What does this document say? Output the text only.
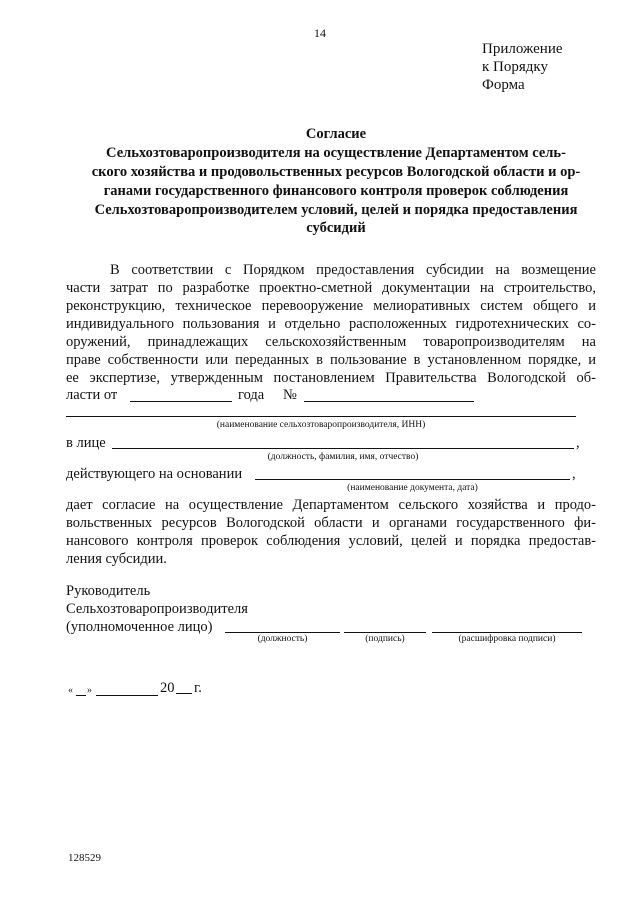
14
Приложение
к Порядку
Форма
Согласие
Сельхозтоваропроизводителя на осуществление Департаментом сель-
ского хозяйства и продовольственных ресурсов Вологодской области и ор-
ганами государственного финансового контроля проверок соблюдения
Сельхозтоваропроизводителем условий, целей и порядка предоставления
субсидий
В соответствии с Порядком предоставления субсидии на возмещение
части затрат по разработке проектно-сметной документации на строительство,
реконструкцию, техническое перевооружение мелиоративных систем общего и
индивидуального пользования и отдельно расположенных гидротехнических со-
оружений, принадлежащих сельскохозяйственным товаропроизводителям на
праве собственности или переданных в пользование в установленном порядке, и
ее экспертизе, утвержденным постановлением Правительства Вологодской об-
ласти от	года №
(наименование сельхозтоваропроизводителя, ИНН)
в лице	,
(должность, фамилия, имя, отчество)
действующего на основании	,
(наименование документа, дата)
дает согласие на осуществление Департаментом сельского хозяйства и продо-
вольственных ресурсов Вологодской области и органами государственного фи-
нансового контроля проверок соблюдения условий, целей и порядка предостав-
ления субсидии.
Руководитель
Сельхозтоваропроизводителя
(уполномоченное лицо)
(должность)	(подпись)	(расшифровка подписи)
« »	20 г.
128529
